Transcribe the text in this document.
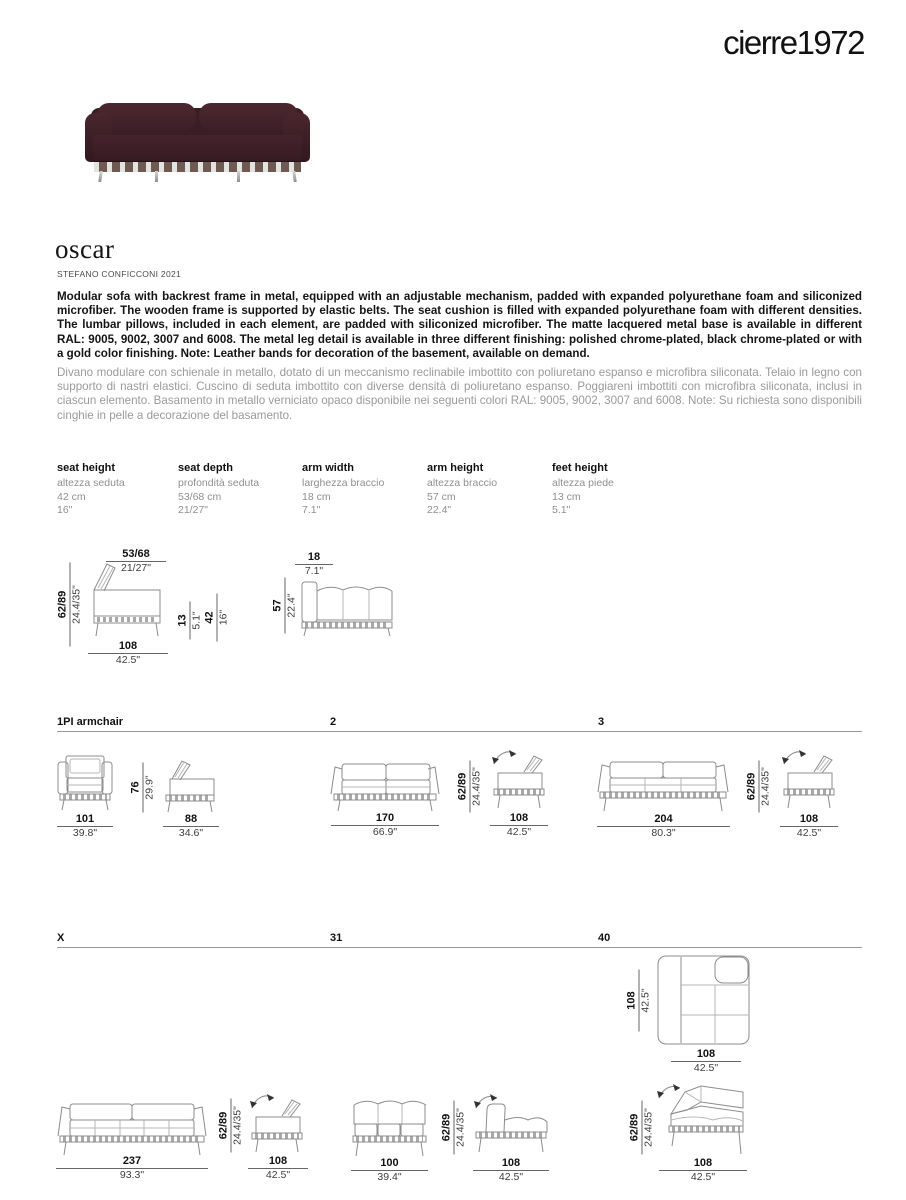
cierre1972
oscar
STEFANO CONFICCONI 2021
Modular sofa with backrest frame in metal, equipped with an adjustable mechanism, padded with expanded polyurethane foam and siliconized microfiber. The wooden frame is supported by elastic belts. The seat cushion is filled with expanded polyurethane foam with different densities. The lumbar pillows, included in each element, are padded with siliconized microfiber. The matte lacquered metal base is available in different RAL: 9005, 9002, 3007 and 6008. The metal leg detail is available in three different finishing: polished chrome-plated, black chrome-plated or with a gold color finishing. Note: Leather bands for decoration of the basement, available on demand.
Divano modulare con schienale in metallo, dotato di un meccanismo reclinabile imbottito con poliuretano espanso e microfibra siliconata. Telaio in legno con supporto di nastri elastici. Cuscino di seduta imbottito con diverse densità di poliuretano espanso. Poggiareni imbottiti con microfibra siliconata, inclusi in ciascun elemento. Basamento in metallo verniciato opaco disponibile nei seguenti colori RAL: 9005, 9002, 3007 and 6008. Note: Su richiesta sono disponibili cinghie in pelle a decorazione del basamento.
seat height
altezza seduta
42 cm
16"
seat depth
profondità seduta
53/68 cm
21/27"
arm width
larghezza braccio
18 cm
7.1"
arm height
altezza braccio
57 cm
22.4"
feet height
altezza piede
13 cm
5.1"
53/68
21/27"
62/89 24.4/35"
108
42.5"
13 5.1" 42 16"
18
7.1"
57 22.4"
1PI armchair	2	3
101
39.8"
76 29.9"
88
34.6"
170
66.9"
62/89 24.4/35"
108
42.5"
204
80.3"
62/89 24.4/35"
108
42.5"
X	31	40
108 42.5"
108
42.5"
237
93.3"
62/89 24.4/35"
108
42.5"
100
39.4"
62/89 24.4/35"
108
42.5"
62/89 24.4/35"
108
42.5"
